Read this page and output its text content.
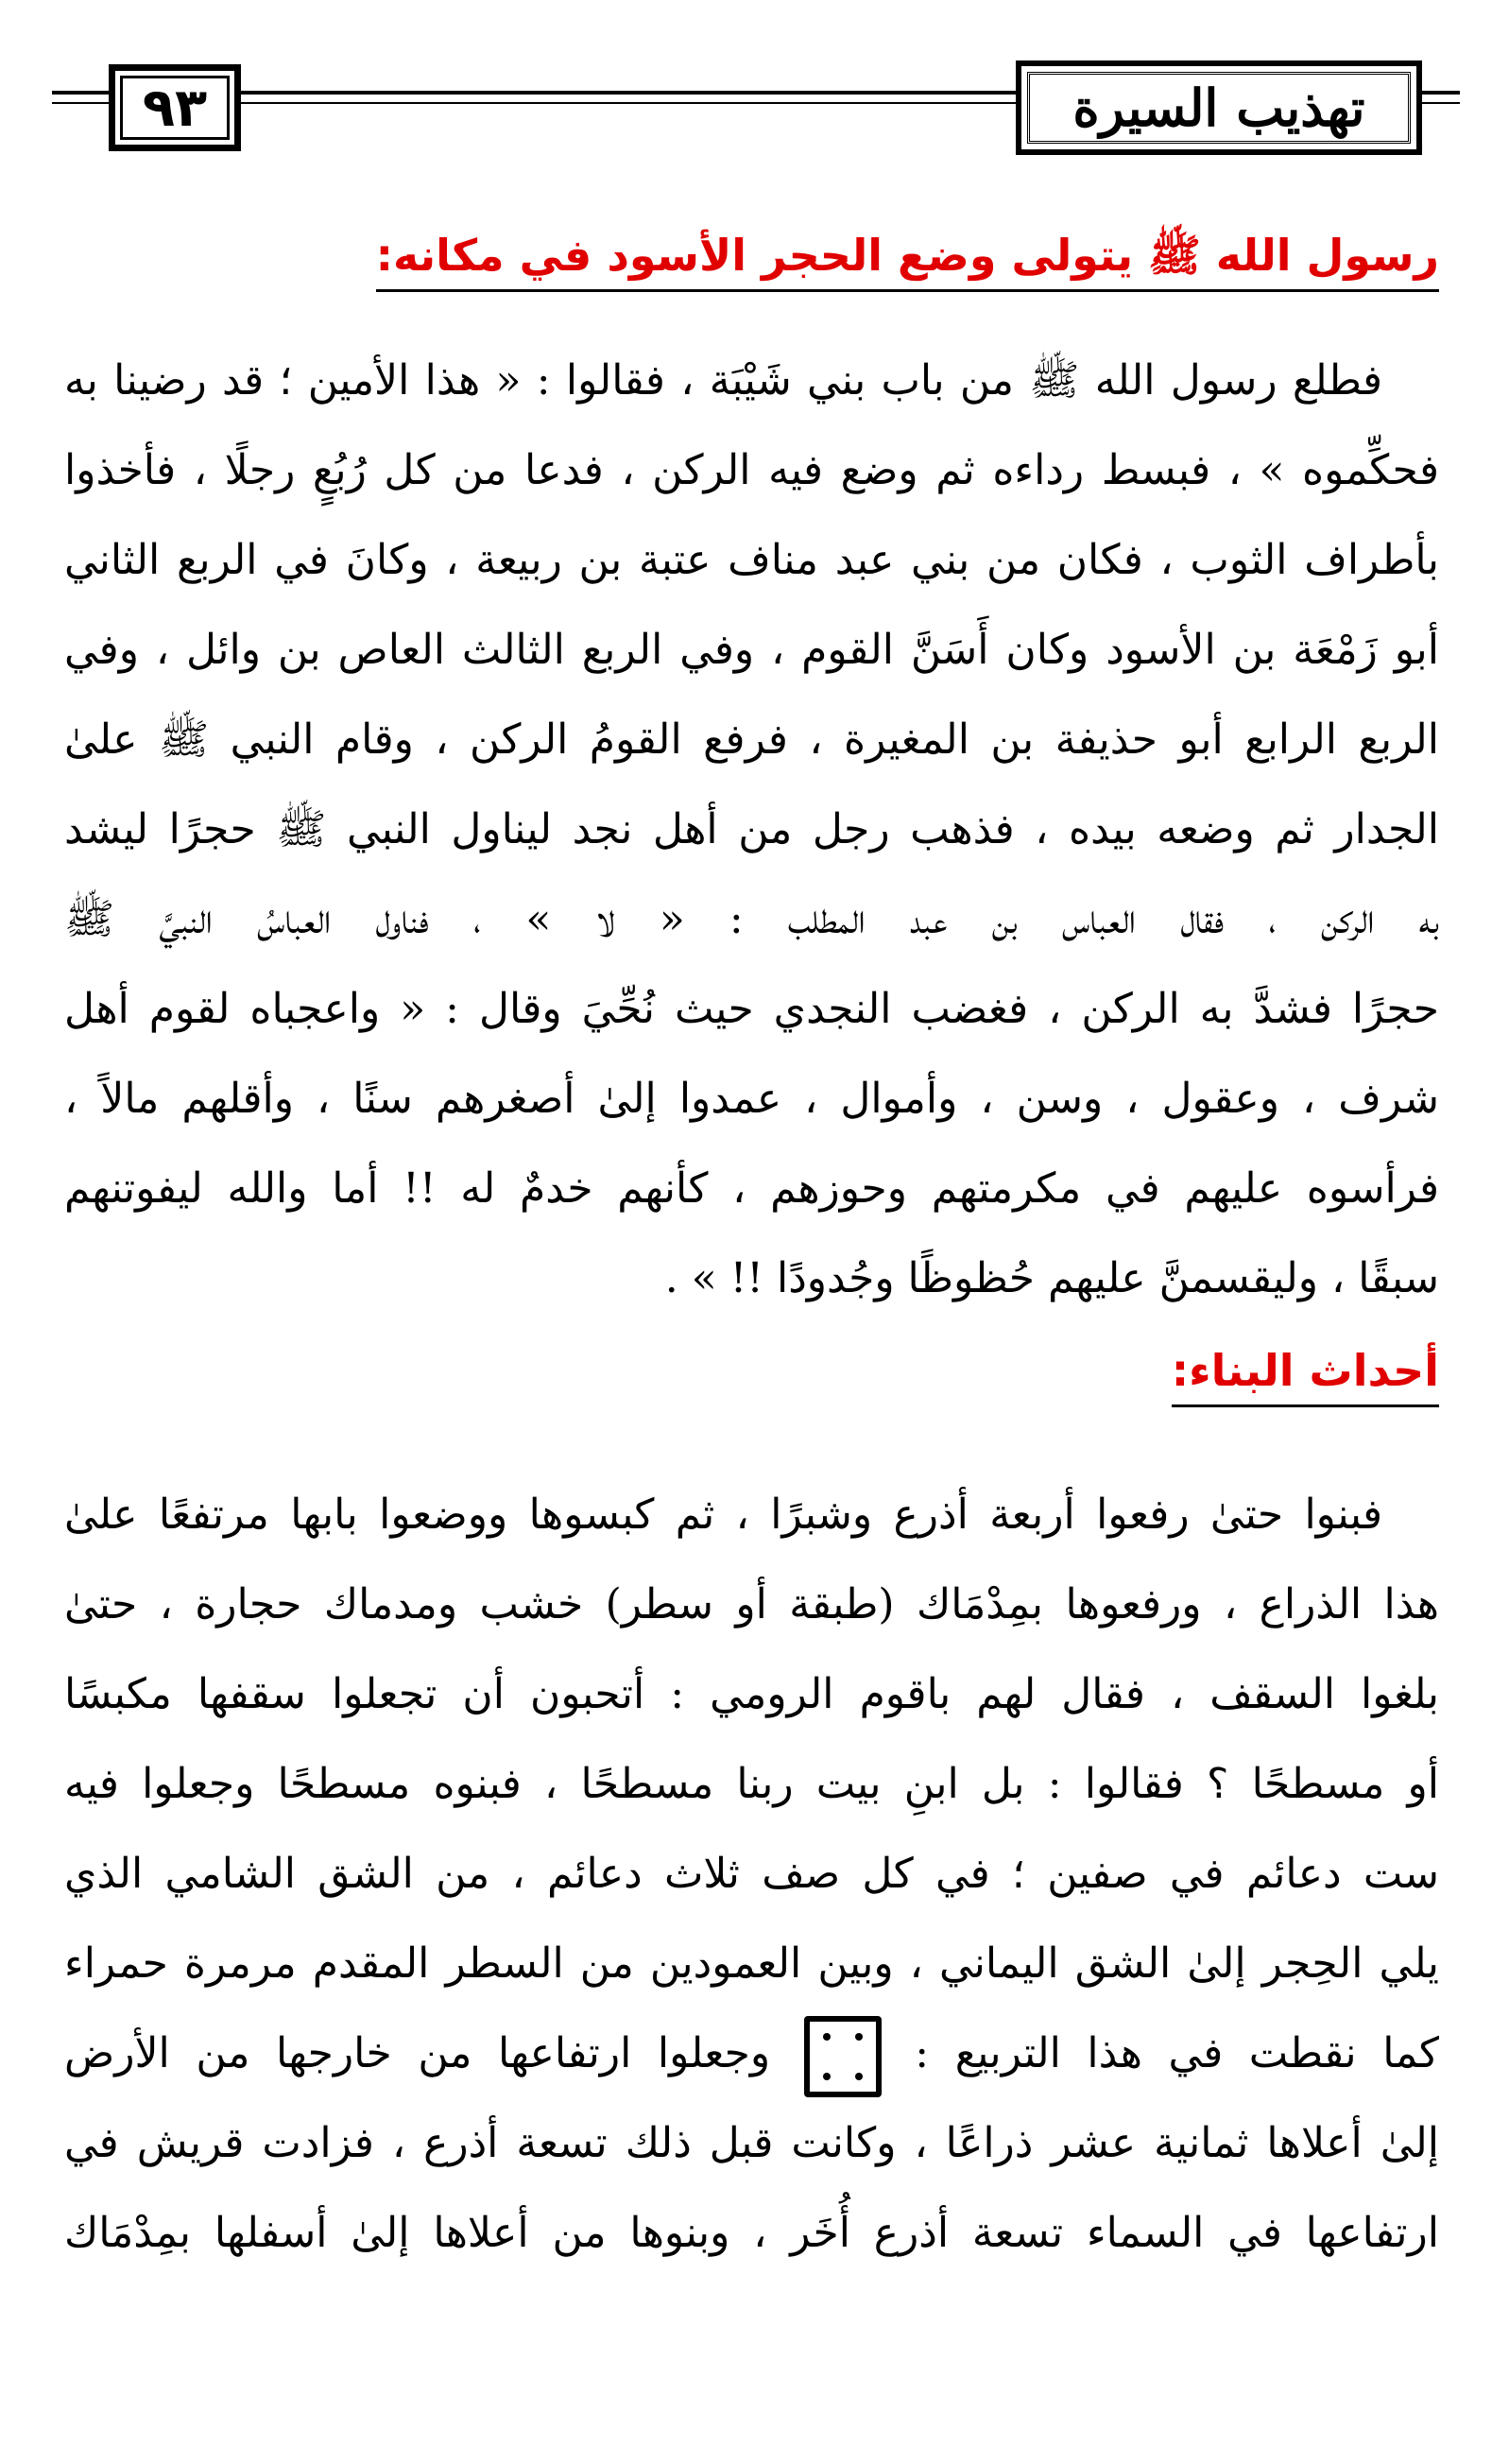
٩٣	تهذيب السيرة
رسول الله ﷺ يتولى وضع الحجر الأسود في مكانه:
فطلع رسول الله ﷺ من باب بني شَيْبَة ، فقالوا : « هذا الأمين ؛ قد رضينا به
فحكِّموه » ، فبسط رداءه ثم وضع فيه الركن ، فدعا من كل رُبُعٍ رجلًا ، فأخذوا
بأطراف الثوب ، فكان من بني عبد مناف عتبة بن ربيعة ، وكانَ في الربع الثاني
أبو زَمْعَة بن الأسود وكان أَسَنَّ القوم ، وفي الربع الثالث العاص بن وائل ، وفي
الربع الرابع أبو حذيفة بن المغيرة ، فرفع القومُ الركن ، وقام النبي ﷺ علىٰ
الجدار ثم وضعه بيده ، فذهب رجل من أهل نجد ليناول النبي ﷺ حجرًا ليشد
به الركن ، فقال العباس بن عبد المطلب : « لا » ، فناول العباسُ النبيَّ ﷺ
حجرًا فشدَّ به الركن ، فغضب النجدي حيث نُحِّيَ وقال : « واعجباه لقوم أهل
شرف ، وعقول ، وسن ، وأموال ، عمدوا إلىٰ أصغرهم سنًا ، وأقلهم مالاً ،
فرأسوه عليهم في مكرمتهم وحوزهم ، كأنهم خدمٌ له !! أما والله ليفوتنهم
سبقًا ، وليقسمنَّ عليهم حُظوظًا وجُدودًا !! » .
أحداث البناء:
فبنوا حتىٰ رفعوا أربعة أذرع وشبرًا ، ثم كبسوها ووضعوا بابها مرتفعًا علىٰ
هذا الذراع ، ورفعوها بمِدْمَاك (طبقة أو سطر) خشب ومدماك حجارة ، حتىٰ
بلغوا السقف ، فقال لهم باقوم الرومي : أتحبون أن تجعلوا سقفها مكبسًا
أو مسطحًا ؟ فقالوا : بل ابنِ بيت ربنا مسطحًا ، فبنوه مسطحًا وجعلوا فيه
ست دعائم في صفين ؛ في كل صف ثلاث دعائم ، من الشق الشامي الذي
يلي الحِجر إلىٰ الشق اليماني ، وبين العمودين من السطر المقدم مرمرة حمراء
كما نقطت في هذا التربيع :
وجعلوا ارتفاعها من خارجها من الأرض
إلىٰ أعلاها ثمانية عشر ذراعًا ، وكانت قبل ذلك تسعة أذرع ، فزادت قريش في
ارتفاعها في السماء تسعة أذرع أُخَر ، وبنوها من أعلاها إلىٰ أسفلها بمِدْمَاك
